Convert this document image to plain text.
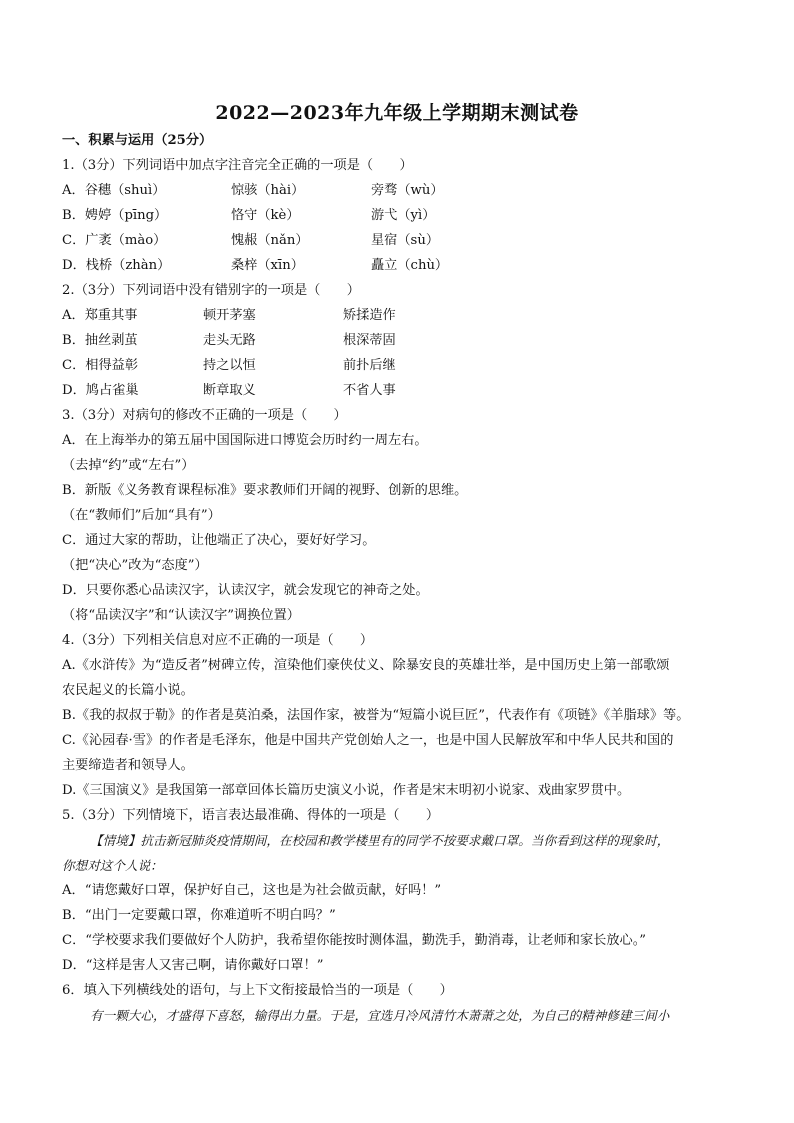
2022—2023年九年级上学期期末测试卷
一、积累与运用（25分）
1.（3分）下列词语中加点字注音完全正确的一项是（　　）
A．谷穗（shuì）	惊骇（hài）	旁骛（wù）
B．娉婷（pīng）	恪守（kè）	游弋（yì）
C．广袤（mào）	愧赧（nǎn）	星宿（sù）
D．栈桥（zhàn）	桑梓（xīn）	矗立（chù）
2.（3分）下列词语中没有错别字的一项是（　　）
A．郑重其事	顿开茅塞	矫揉造作
B．抽丝剥茧	走头无路	根深蒂固
C．相得益彰	持之以恒	前扑后继
D．鸠占雀巢	断章取义	不省人事
3.（3分）对病句的修改不正确的一项是（　　）
A．在上海举办的第五届中国国际进口博览会历时约一周左右。
（去掉“约”或“左右”）
B．新版《义务教育课程标准》要求教师们开阔的视野、创新的思维。
（在“教师们”后加“具有”）
C．通过大家的帮助，让他端正了决心，要好好学习。
（把“决心”改为“态度”）
D．只要你悉心品读汉字，认读汉字，就会发现它的神奇之处。
（将“品读汉字”和“认读汉字”调换位置）
4.（3分）下列相关信息对应不正确的一项是（　　）
A.《水浒传》为“造反者”树碑立传，渲染他们豪侠仗义、除暴安良的英雄壮举，是中国历史上第一部歌颂
农民起义的长篇小说。
B.《我的叔叔于勒》的作者是莫泊桑，法国作家，被誉为“短篇小说巨匠”，代表作有《项链》《羊脂球》等。
C.《沁园春·雪》的作者是毛泽东，他是中国共产党创始人之一，也是中国人民解放军和中华人民共和国的
主要缔造者和领导人。
D.《三国演义》是我国第一部章回体长篇历史演义小说，作者是宋末明初小说家、戏曲家罗贯中。
5.（3分）下列情境下，语言表达最准确、得体的一项是（　　）
【情境】抗击新冠肺炎疫情期间，在校园和教学楼里有的同学不按要求戴口罩。当你看到这样的现象时，
你想对这个人说：
A．“请您戴好口罩，保护好自己，这也是为社会做贡献，好吗！”
B．“出门一定要戴口罩，你难道听不明白吗？”
C．“学校要求我们要做好个人防护，我希望你能按时测体温，勤洗手，勤消毒，让老师和家长放心。”
D．“这样是害人又害己啊，请你戴好口罩！”
6．填入下列横线处的语句，与上下文衔接最恰当的一项是（　　）
有一颗大心，才盛得下喜怒，输得出力量。于是，宜选月冷风清竹木萧萧之处，为自己的精神修建三间小
